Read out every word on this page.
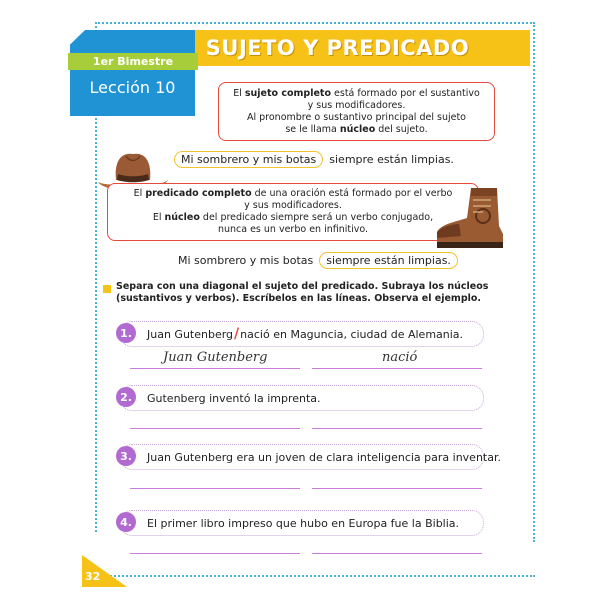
SUJETO Y PREDICADO
1er Bimestre
Lección 10	El sujeto completo está formado por el sustantivo
y sus modificadores.
Al pronombre o sustantivo principal del sujeto
se le llama núcleo del sujeto.
Mi sombrero y mis botas	siempre están limpias.
El predicado completo de una oración está formado por el verbo
y sus modificadores.
El núcleo del predicado siempre será un verbo conjugado,
nunca es un verbo en infinitivo.
Mi sombrero y mis botas	siempre están limpias.
Separa con una diagonal el sujeto del predicado. Subraya los núcleos (sustantivos y verbos). Escríbelos en las líneas. Observa el ejemplo.
Juan Gutenberg/nació en Maguncia, ciudad de Alemania.
1.
Juan Gutenberg	nació
Gutenberg inventó la imprenta.
2.
Juan Gutenberg era un joven de clara inteligencia para inventar.
3.
El primer libro impreso que hubo en Europa fue la Biblia.
4.
32
